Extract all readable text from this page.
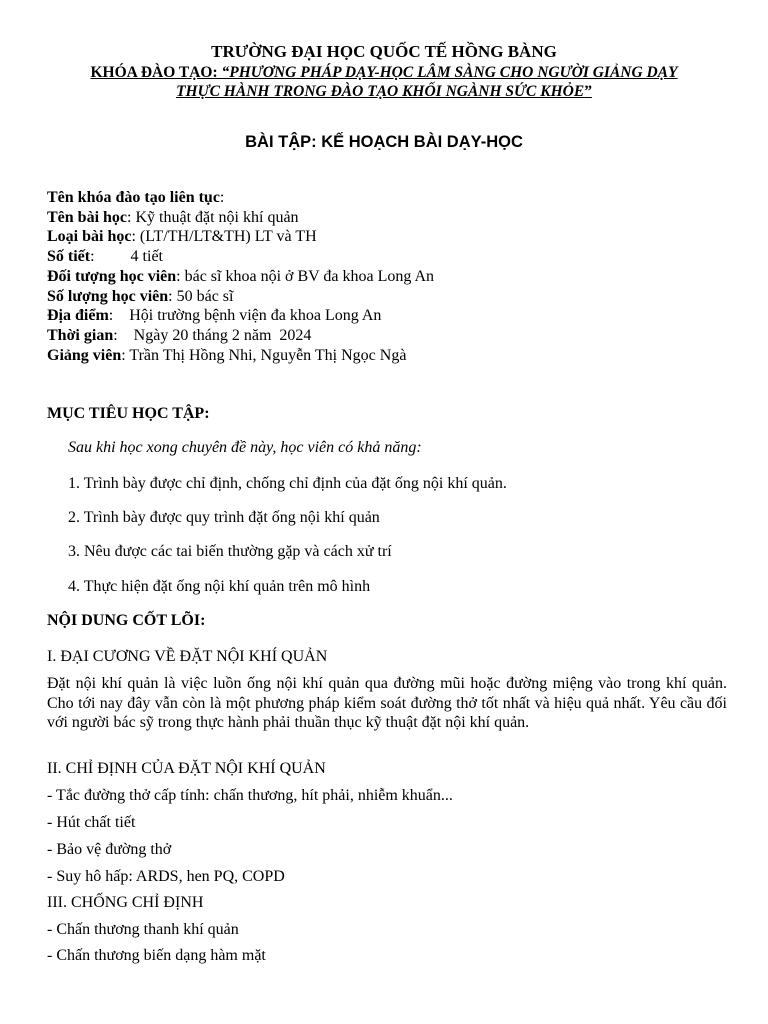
TRƯỜNG ĐẠI HỌC QUỐC TẾ HỒNG BÀNG
KHÓA ĐÀO TẠO: “PHƯƠNG PHÁP DẠY-HỌC LÂM SÀNG CHO NGƯỜI GIẢNG DẠY
THỰC HÀNH TRONG ĐÀO TẠO KHỐI NGÀNH SỨC KHỎE”
BÀI TẬP: KẾ HOẠCH BÀI DẠY-HỌC
Tên khóa đào tạo liên tục:
Tên bài học: Kỹ thuật đặt nội khí quản
Loại bài học: (LT/TH/LT&TH) LT và TH
Số tiết:         4 tiết
Đối tượng học viên: bác sĩ khoa nội ở BV đa khoa Long An
Số lượng học viên: 50 bác sĩ
Địa điểm:    Hội trường bệnh viện đa khoa Long An
Thời gian:    Ngày 20 tháng 2 năm  2024
Giảng viên: Trần Thị Hồng Nhi, Nguyễn Thị Ngọc Ngà
MỤC TIÊU HỌC TẬP:
Sau khi học xong chuyên đề này, học viên có khả năng:
1. Trình bày được chỉ định, chống chỉ định của đặt ống nội khí quản.
2. Trình bày được quy trình đặt ống nội khí quản
3. Nêu được các tai biến thường gặp và cách xử trí
4. Thực hiện đặt ống nội khí quản trên mô hình
NỘI DUNG CỐT LÕI:
I. ĐẠI CƯƠNG VỀ ĐẶT NỘI KHÍ QUẢN
Đặt nội khí quản là việc luồn ống nội khí quản qua đường mũi hoặc đường miệng vào trong khí quản. Cho tới nay đây vẫn còn là một phương pháp kiểm soát đường thở tốt nhất và hiệu quả nhất. Yêu cầu đối với người bác sỹ trong thực hành phải thuần thục kỹ thuật đặt nội khí quản.
II. CHỈ ĐỊNH CỦA ĐẶT NỘI KHÍ QUẢN
- Tắc đường thở cấp tính: chấn thương, hít phải, nhiễm khuẩn...
- Hút chất tiết
- Bảo vệ đường thở
- Suy hô hấp: ARDS, hen PQ, COPD
III. CHỐNG CHỈ ĐỊNH
- Chấn thương thanh khí quản
- Chấn thương biến dạng hàm mặt
